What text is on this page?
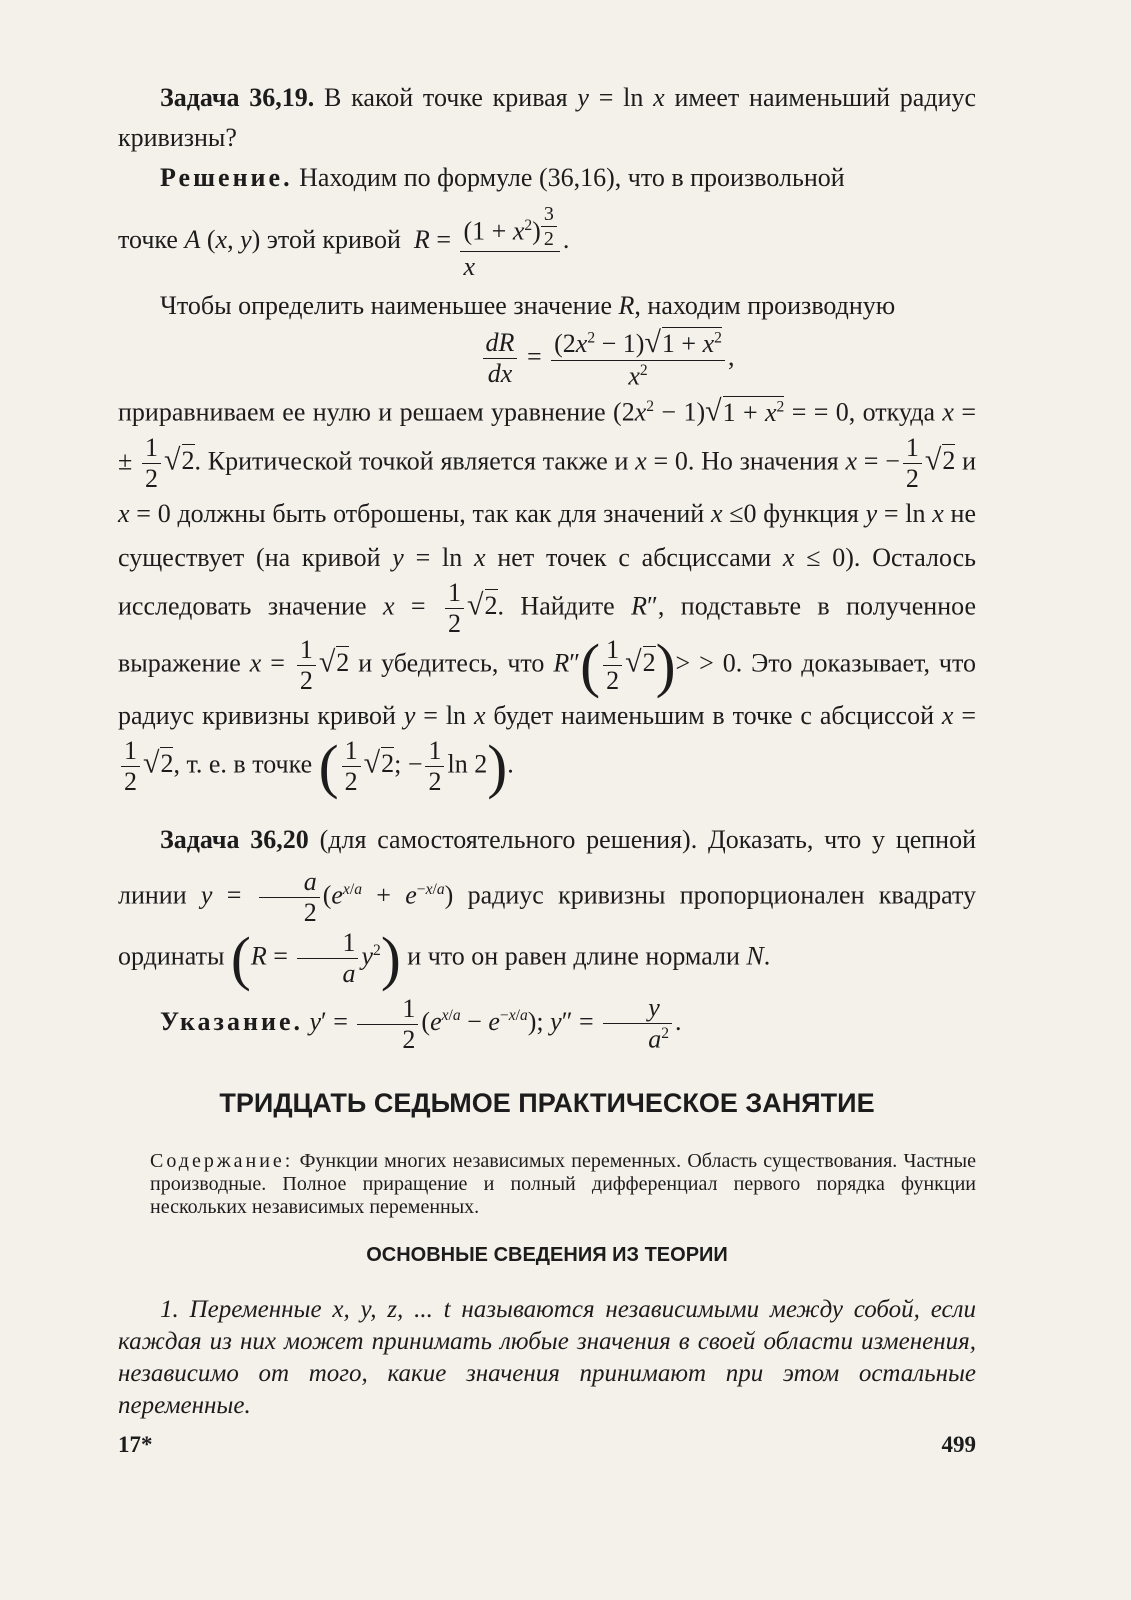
Задача 36,19. В какой точке кривая y = ln x имеет наименьший радиус кривизны?

Решение. Находим по формуле (36,16), что в произвольной

точке A (x, y) этой кривой  $R = (1 + x^2)$ $^{\frac{3}{2}}$
x .

Чтобы определить наименьшее значение R, находим производную

$\frac{dR}{dx} = \frac{(2x^2 - 1)√1 + x^2}{x^2}$ ,

приравниваем ее нулю и решаем уравнение $(2x^2 - 1)√1 + x^2$ = = 0, откуда x = ± $\frac{1}{2} √2$. Критической точкой является также и x = 0. Но значения x = − $\frac{1}{2} √2$ и x = 0 должны быть отброшены, так как для значений x ≤0 функция y = ln x не существует (на кривой y = ln x нет точек с абсциссами x ≤ 0). Осталось исследовать значение $x = \frac{1}{2} √2$. Найдите R″, подставьте в полученное выражение $x = \frac{1}{2} √2$ и убедитесь, что $R''( \frac{1}{2} √2)> > 0$. Это доказывает, что радиус кривизны кривой y = ln x будет наименьшим в точке с абсциссой x =
$\frac{1}{2} √2$, т. е. в точке ( $\frac{1}{2} √2$; − $\frac{1}{2}$ ln 2).

Задача 36,20 (для самостоятельного решения). Доказать, что у цепной линии $y = \frac{a}{2} (e^{x/a} + e^{-x/a})$ радиус кривизны пропорционален квадрату ординаты $(R = \frac{1}{a} y^2)$ и что он равен длине нормали N.

Указание. $y' = \frac{1}{2} (e^{x/a} - e^{-x/a})$; $y'' = \frac{y}{a^2}$ .

ТРИДЦАТЬ СЕДЬМОЕ ПРАКТИЧЕСКОЕ ЗАНЯТИЕ
Содержание: Функции многих независимых переменных. Область существования. Частные производные. Полное приращение и полный дифференциал первого порядка функции нескольких независимых переменных.
ОСНОВНЫЕ СВЕДЕНИЯ ИЗ ТЕОРИИ
1. Переменные x, y, z, ... t называются независимыми между собой, если каждая из них может принимать любые значения в своей области изменения, независимо от того, какие значения принимают при этом остальные переменные.
17*	499
